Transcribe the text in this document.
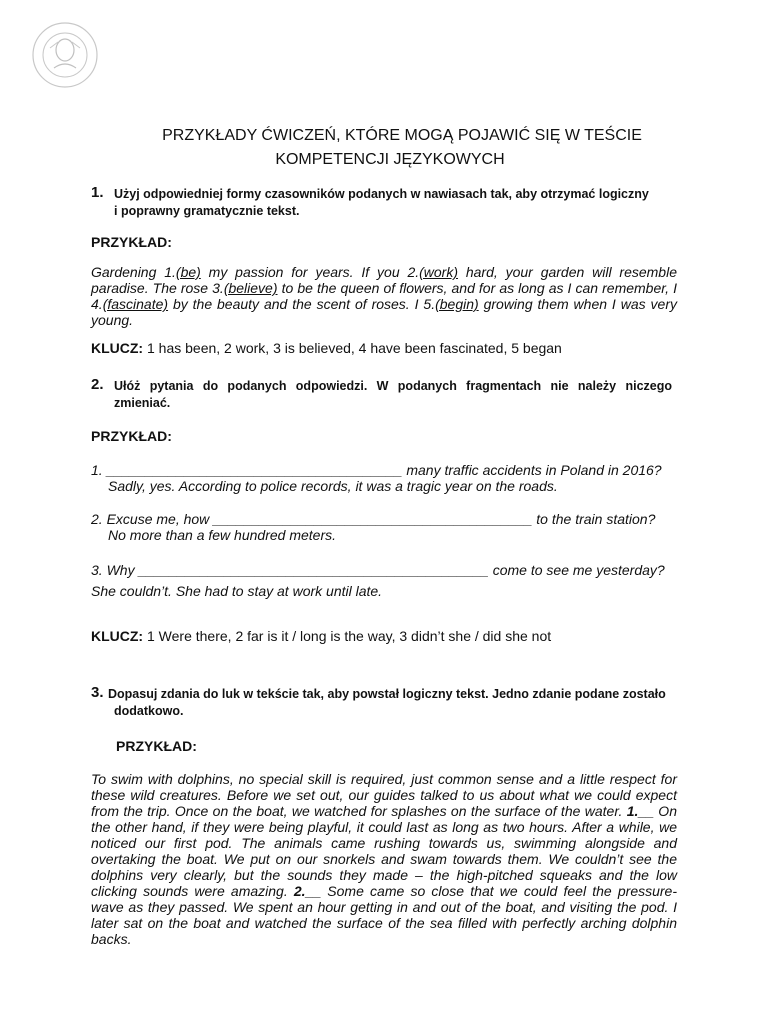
PRZYKŁADY ĆWICZEŃ, KTÓRE MOGĄ POJAWIĆ SIĘ W TEŚCIE
KOMPETENCJI JĘZYKOWYCH
1. Użyj odpowiedniej formy czasowników podanych w nawiasach tak, aby otrzymać logiczny
i poprawny gramatycznie tekst.
PRZYKŁAD:
Gardening 1.(be) my passion for years. If you 2.(work) hard, your garden will resemble paradise. The rose 3.(believe) to be the queen of flowers, and for as long as I can remember, I 4.(fascinate) by the beauty and the scent of roses. I 5.(begin) growing them when I was very young.
KLUCZ: 1 has been, 2 work, 3 is believed, 4 have been fascinated, 5 began
2. Ułóż pytania do podanych odpowiedzi. W podanych fragmentach nie należy niczego zmieniać.
PRZYKŁAD:
1. ______________________________________ many traffic accidents in Poland in 2016?
Sadly, yes. According to police records, it was a tragic year on the roads.
2. Excuse me, how _________________________________________ to the train station?
No more than a few hundred meters.
3. Why _____________________________________________ come to see me yesterday?
She couldn’t. She had to stay at work until late.
KLUCZ: 1 Were there, 2 far is it / long is the way, 3 didn’t she / did she not
3. Dopasuj zdania do luk w tekście tak, aby powstał logiczny tekst. Jedno zdanie podane zostało
dodatkowo.
PRZYKŁAD:
To swim with dolphins, no special skill is required, just common sense and a little respect for these wild creatures. Before we set out, our guides talked to us about what we could expect from the trip. Once on the boat, we watched for splashes on the surface of the water. 1.__ On the other hand, if they were being playful, it could last as long as two hours. After a while, we noticed our first pod. The animals came rushing towards us, swimming alongside and overtaking the boat. We put on our snorkels and swam towards them. We couldn’t see the dolphins very clearly, but the sounds they made – the high-pitched squeaks and the low clicking sounds were amazing. 2.__ Some came so close that we could feel the pressure-wave as they passed. We spent an hour getting in and out of the boat, and visiting the pod. I later sat on the boat and watched the surface of the sea filled with perfectly arching dolphin backs.
